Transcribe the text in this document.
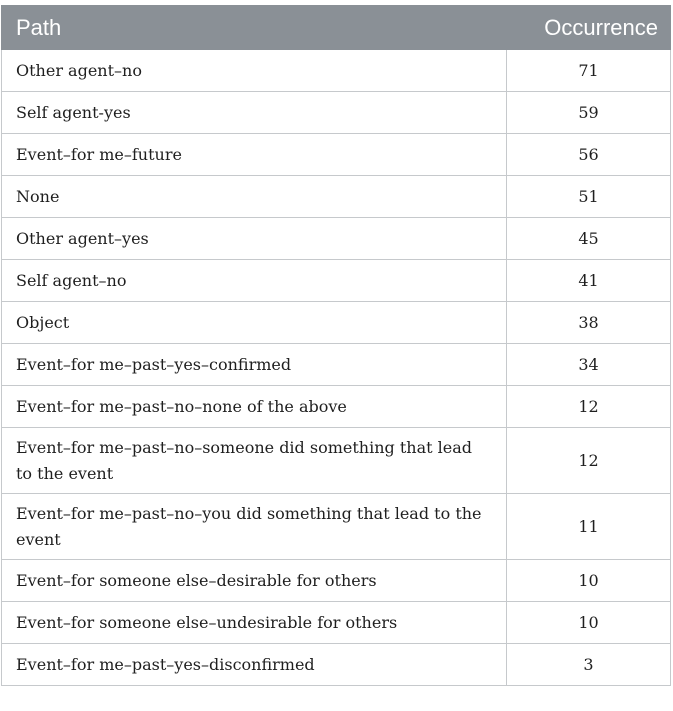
Path	Occurrence
Other agent–no	71
Self agent-yes	59
Event–for me–future	56
None	51
Other agent–yes	45
Self agent–no	41
Object	38
Event–for me–past–yes–confirmed	34
Event–for me–past–no–none of the above	12
Event–for me–past–no–someone did something that lead to the event	12
Event–for me–past–no–you did something that lead to the event	11
Event–for someone else–desirable for others	10
Event–for someone else–undesirable for others	10
Event–for me–past–yes–disconfirmed	3
